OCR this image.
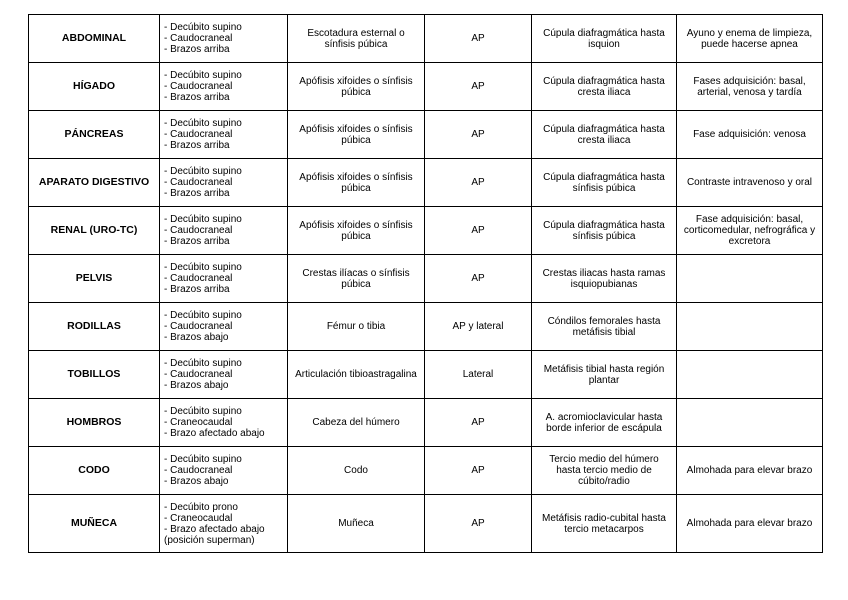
ABDOMINAL	- Decúbito supino
- Caudocraneal
- Brazos arriba	Escotadura esternal o sínfisis púbica	AP	Cúpula diafragmática hasta isquion	Ayuno y enema de limpieza, puede hacerse apnea
HÍGADO	- Decúbito supino
- Caudocraneal
- Brazos arriba	Apófisis xifoides o sínfisis púbica	AP	Cúpula diafragmática hasta cresta iliaca	Fases adquisición: basal, arterial, venosa y tardía
PÁNCREAS	- Decúbito supino
- Caudocraneal
- Brazos arriba	Apófisis xifoides o sínfisis púbica	AP	Cúpula diafragmática hasta cresta iliaca	Fase adquisición: venosa
APARATO DIGESTIVO	- Decúbito supino
- Caudocraneal
- Brazos arriba	Apófisis xifoides o sínfisis púbica	AP	Cúpula diafragmática hasta sínfisis púbica	Contraste intravenoso y oral
RENAL (URO-TC)	- Decúbito supino
- Caudocraneal
- Brazos arriba	Apófisis xifoides o sínfisis púbica	AP	Cúpula diafragmática hasta sínfisis púbica	Fase adquisición: basal, corticomedular, nefrográfica y excretora
PELVIS	- Decúbito supino
- Caudocraneal
- Brazos arriba	Crestas ilíacas o sínfisis púbica	AP	Crestas iliacas hasta ramas isquiopubianas	
RODILLAS	- Decúbito supino
- Caudocraneal
- Brazos abajo	Fémur o tibia	AP y lateral	Cóndilos femorales hasta metáfisis tibial	
TOBILLOS	- Decúbito supino
- Caudocraneal
- Brazos abajo	Articulación tibioastragalina	Lateral	Metáfisis tibial hasta región plantar	
HOMBROS	- Decúbito supino
- Craneocaudal
- Brazo afectado abajo	Cabeza del húmero	AP	A. acromioclavicular hasta borde inferior de escápula	
CODO	- Decúbito supino
- Caudocraneal
- Brazos abajo	Codo	AP	Tercio medio del húmero hasta tercio medio de cúbito/radio	Almohada para elevar brazo
MUÑECA	- Decúbito prono
- Craneocaudal
- Brazo afectado abajo
(posición superman)	Muñeca	AP	Metáfisis radio-cubital hasta tercio metacarpos	Almohada para elevar brazo
